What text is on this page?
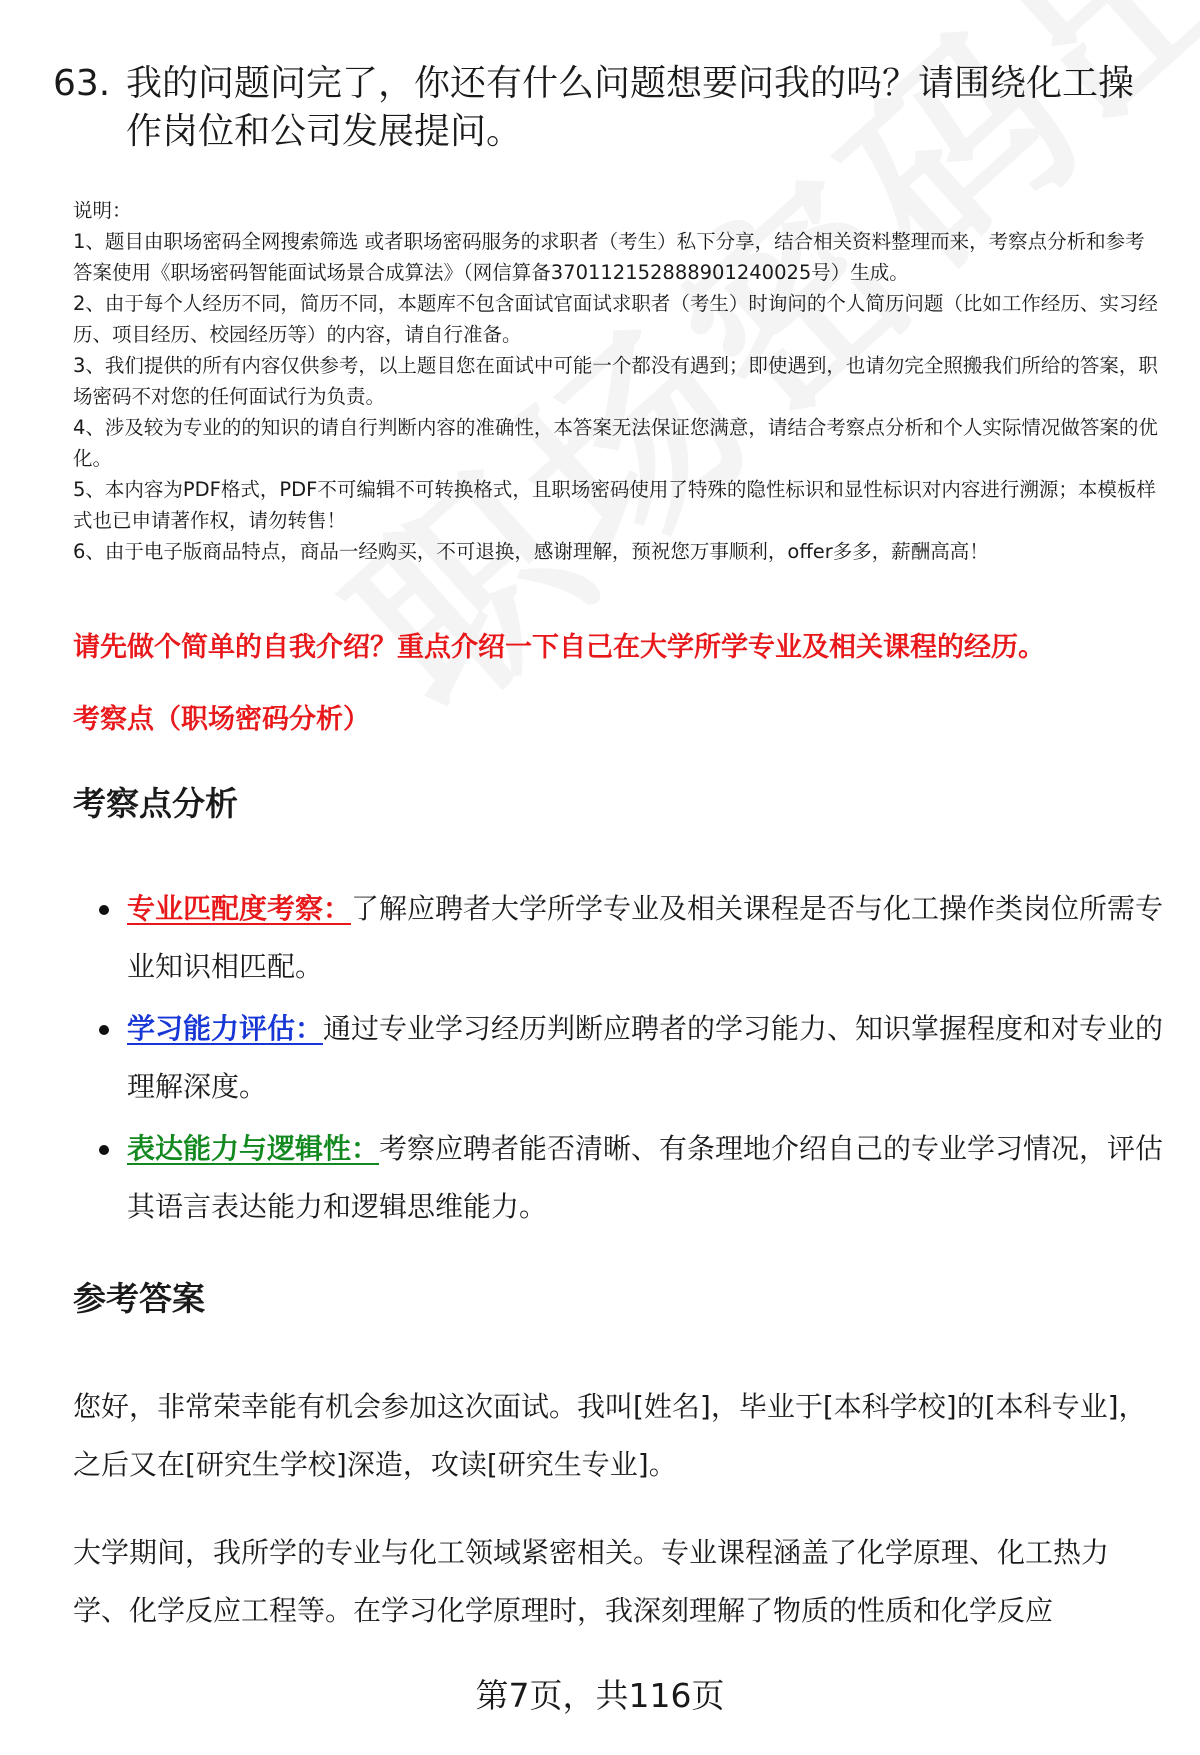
63. 我的问题问完了，你还有什么问题想要问我的吗？请围绕化工操作岗位和公司发展提问。
说明：
1、题目由职场密码全网搜索筛选 或者职场密码服务的求职者（考生）私下分享，结合相关资料整理而来，考察点分析和参考答案使用《职场密码智能面试场景合成算法》（网信算备370112152888901240025号）生成。
2、由于每个人经历不同，简历不同，本题库不包含面试官面试求职者（考生）时询问的个人简历问题（比如工作经历、实习经历、项目经历、校园经历等）的内容，请自行准备。
3、我们提供的所有内容仅供参考，以上题目您在面试中可能一个都没有遇到；即使遇到，也请勿完全照搬我们所给的答案，职场密码不对您的任何面试行为负责。
4、涉及较为专业的的知识的请自行判断内容的准确性，本答案无法保证您满意，请结合考察点分析和个人实际情况做答案的优化。
5、本内容为PDF格式，PDF不可编辑不可转换格式，且职场密码使用了特殊的隐性标识和显性标识对内容进行溯源；本模板样式也已申请著作权，请勿转售！
6、由于电子版商品特点，商品一经购买，不可退换，感谢理解，预祝您万事顺利，offer多多，薪酬高高！
请先做个简单的自我介绍？重点介绍一下自己在大学所学专业及相关课程的经历。
考察点（职场密码分析）
考察点分析
专业匹配度考察：了解应聘者大学所学专业及相关课程是否与化工操作类岗位所需专业知识相匹配。
学习能力评估：通过专业学习经历判断应聘者的学习能力、知识掌握程度和对专业的理解深度。
表达能力与逻辑性：考察应聘者能否清晰、有条理地介绍自己的专业学习情况，评估其语言表达能力和逻辑思维能力。
参考答案

您好，非常荣幸能有机会参加这次面试。我叫[姓名]，毕业于[本科学校]的[本科专业]，之后又在[研究生学校]深造，攻读[研究生专业]。

大学期间，我所学的专业与化工领域紧密相关。专业课程涵盖了化学原理、化工热力学、化学反应工程等。在学习化学原理时，我深刻理解了物质的性质和化学反应

第7页，共116页
